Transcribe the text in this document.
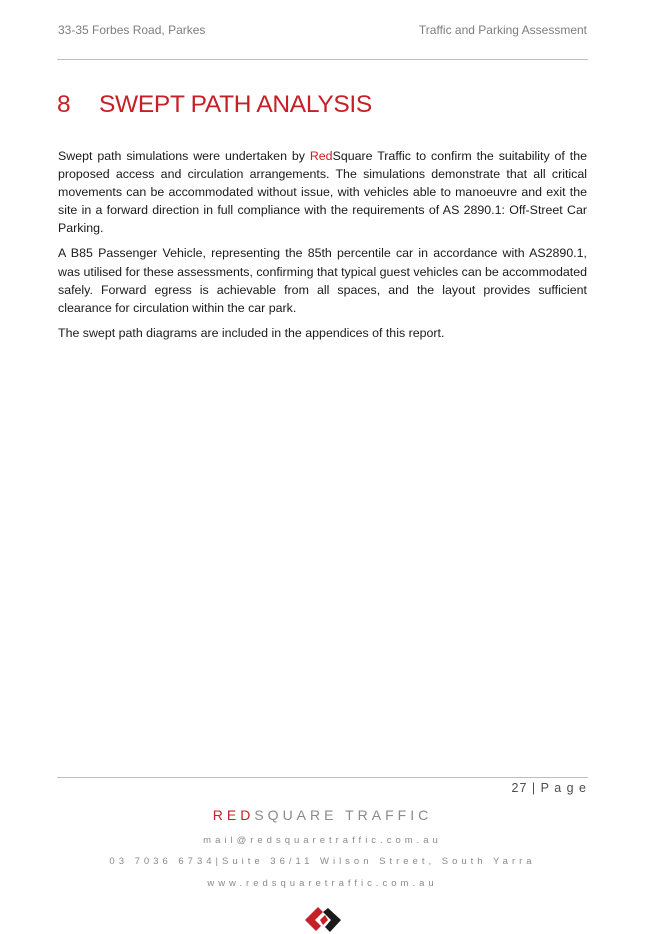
33-35 Forbes Road, Parkes	Traffic and Parking Assessment
8 SWEPT PATH ANALYSIS

Swept path simulations were undertaken by RedSquare Traffic to confirm the suitability of the proposed access and circulation arrangements. The simulations demonstrate that all critical movements can be accommodated without issue, with vehicles able to manoeuvre and exit the site in a forward direction in full compliance with the requirements of AS 2890.1: Off-Street Car Parking.

A B85 Passenger Vehicle, representing the 85th percentile car in accordance with AS2890.1, was utilised for these assessments, confirming that typical guest vehicles can be accommodated safely. Forward egress is achievable from all spaces, and the layout provides sufficient clearance for circulation within the car park.

The swept path diagrams are included in the appendices of this report.

27 | P a g e
REDSQUARE TRAFFIC
mail@redsquaretraffic.com.au
03 7036 6734|Suite 36/11 Wilson Street, South Yarra
www.redsquaretraffic.com.au
